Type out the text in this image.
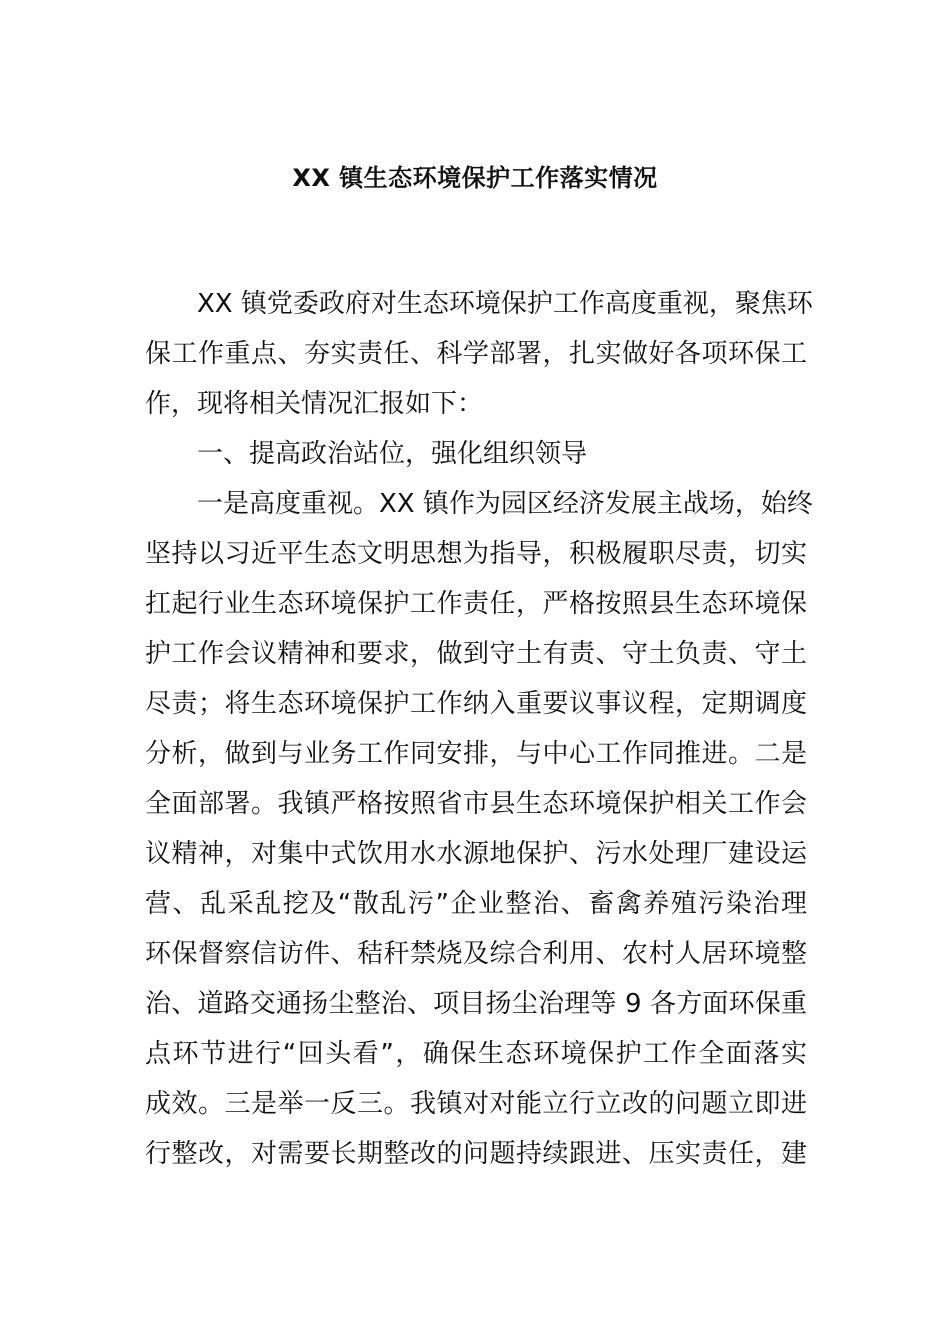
XX 镇生态环境保护工作落实情况
XX 镇党委政府对生态环境保护工作高度重视，聚焦环
保工作重点、夯实责任、科学部署，扎实做好各项环保工
作，现将相关情况汇报如下：
一、提高政治站位，强化组织领导
一是高度重视。XX 镇作为园区经济发展主战场，始终
坚持以习近平生态文明思想为指导，积极履职尽责，切实
扛起行业生态环境保护工作责任，严格按照县生态环境保
护工作会议精神和要求，做到守土有责、守土负责、守土
尽责；将生态环境保护工作纳入重要议事议程，定期调度
分析，做到与业务工作同安排，与中心工作同推进。二是
全面部署。我镇严格按照省市县生态环境保护相关工作会
议精神，对集中式饮用水水源地保护、污水处理厂建设运
营、乱采乱挖及“散乱污”企业整治、畜禽养殖污染治理
环保督察信访件、秸秆禁烧及综合利用、农村人居环境整
治、道路交通扬尘整治、项目扬尘治理等 9 各方面环保重
点环节进行“回头看”，确保生态环境保护工作全面落实
成效。三是举一反三。我镇对对能立行立改的问题立即进
行整改，对需要长期整改的问题持续跟进、压实责任，建
